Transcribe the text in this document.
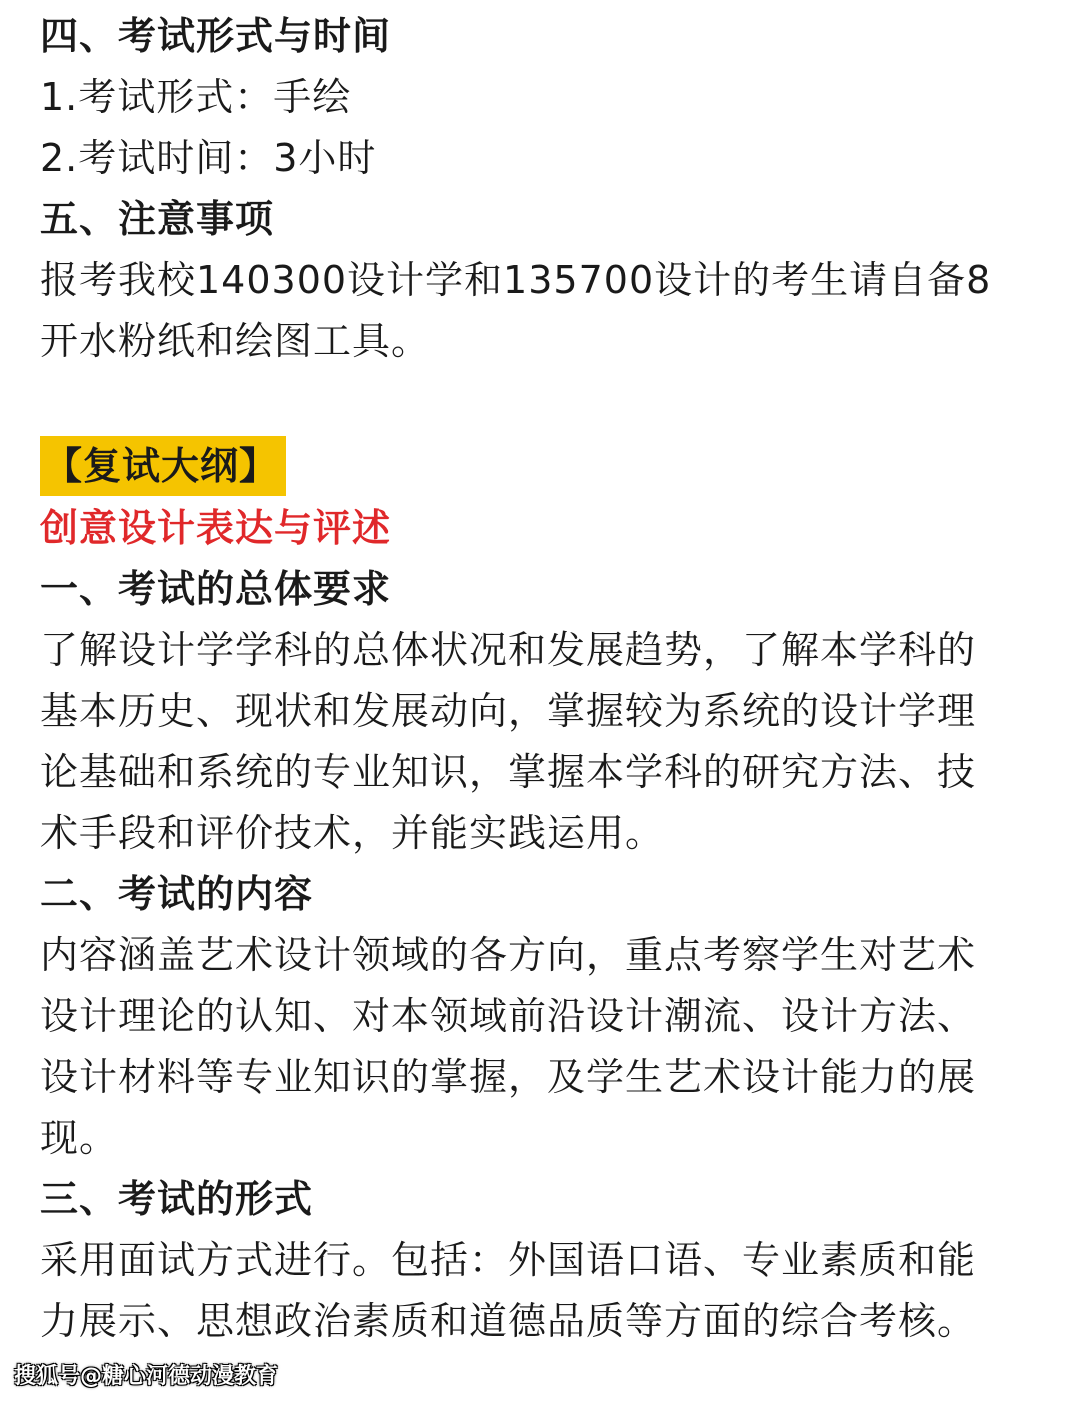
四、考试形式与时间
1.考试形式：手绘
2.考试时间：3小时
五、注意事项
报考我校140300设计学和135700设计的考生请自备8
开水粉纸和绘图工具。
【复试大纲】
创意设计表达与评述
一、考试的总体要求
了解设计学学科的总体状况和发展趋势，了解本学科的
基本历史、现状和发展动向，掌握较为系统的设计学理
论基础和系统的专业知识，掌握本学科的研究方法、技
术手段和评价技术，并能实践运用。
二、考试的内容
内容涵盖艺术设计领域的各方向，重点考察学生对艺术
设计理论的认知、对本领域前沿设计潮流、设计方法、
设计材料等专业知识的掌握，及学生艺术设计能力的展
现。
三、考试的形式
采用面试方式进行。包括：外国语口语、专业素质和能
力展示、思想政治素质和道德品质等方面的综合考核。
搜狐号@糖心河德动漫教育
